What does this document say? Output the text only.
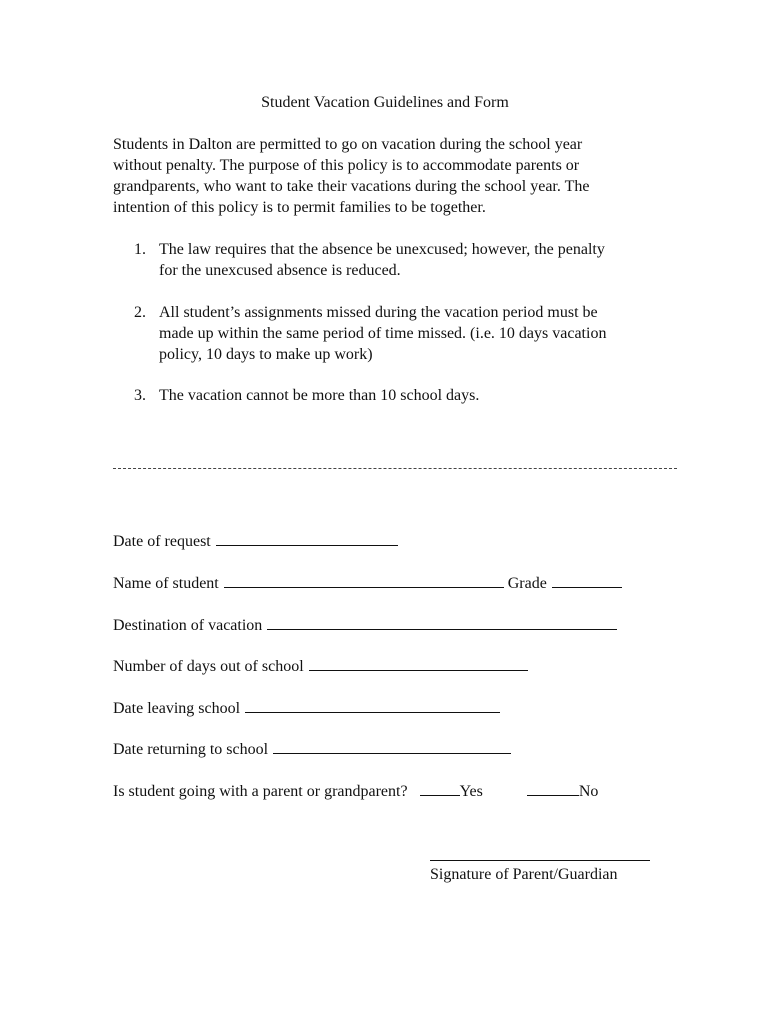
Student Vacation Guidelines and Form
Students in Dalton are permitted to go on vacation during the school year
without penalty. The purpose of this policy is to accommodate parents or
grandparents, who want to take their vacations during the school year. The
intention of this policy is to permit families to be together.
1. The law requires that the absence be unexcused; however, the penalty
for the unexcused absence is reduced.
2. All student’s assignments missed during the vacation period must be
made up within the same period of time missed. (i.e. 10 days vacation
policy, 10 days to make up work)
3. The vacation cannot be more than 10 school days.
Date of request
Name of student	Grade
Destination of vacation
Number of days out of school
Date leaving school
Date returning to school
Is student going with a parent or grandparent?	Yes	No
Signature of Parent/Guardian
